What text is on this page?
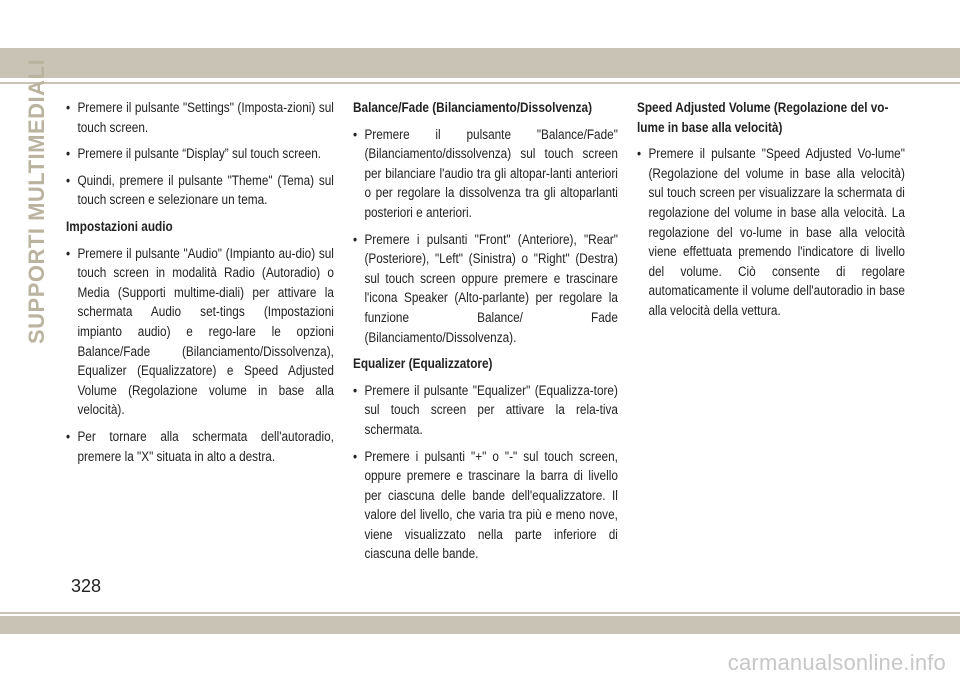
SUPPORTI MULTIMEDIALI
•	Premere il pulsante "Settings" (Imposta-zioni) sul touch screen.
• Premere il pulsante “Display” sul touch screen.
• Quindi, premere il pulsante "Theme" (Tema) sul touch screen e selezionare un tema.
Impostazioni audio
• Premere il pulsante "Audio" (Impianto au-dio) sul touch screen in modalità Radio (Autoradio) o Media (Supporti multime-diali) per attivare la schermata Audio set-tings (Impostazioni impianto audio) e rego-lare le opzioni Balance/Fade (Bilanciamento/Dissolvenza), Equalizer (Equalizzatore) e Speed Adjusted Volume (Regolazione volume in base alla velocità).
• Per tornare alla schermata dell'autoradio, premere la "X" situata in alto a destra.
Balance/Fade (Bilanciamento/Dissolvenza)
• Premere il pulsante "Balance/Fade" (Bilanciamento/dissolvenza) sul touch screen per bilanciare l'audio tra gli altopar-lanti anteriori o per regolare la dissolvenza tra gli altoparlanti posteriori e anteriori.
• Premere i pulsanti "Front" (Anteriore), "Rear" (Posteriore), "Left" (Sinistra) o "Right" (Destra) sul touch screen oppure premere e trascinare l'icona Speaker (Alto-parlante) per regolare la funzione Balance/ Fade (Bilanciamento/Dissolvenza).
Equalizer (Equalizzatore)
• Premere il pulsante "Equalizer" (Equalizza-tore) sul touch screen per attivare la rela-tiva schermata.
• Premere i pulsanti "+" o "-" sul touch screen, oppure premere e trascinare la barra di livello per ciascuna delle bande dell'equalizzatore. Il valore del livello, che varia tra più e meno nove, viene visualizzato nella parte inferiore di ciascuna delle bande.
Speed Adjusted Volume (Regolazione del vo-lume in base alla velocità)
• Premere il pulsante "Speed Adjusted Vo-lume" (Regolazione del volume in base alla velocità) sul touch screen per visualizzare la schermata di regolazione del volume in base alla velocità. La regolazione del vo-lume in base alla velocità viene effettuata premendo l'indicatore di livello del volume. Ciò consente di regolare automaticamente il volume dell'autoradio in base alla velocità della vettura.
328
carmanualsonline.info
